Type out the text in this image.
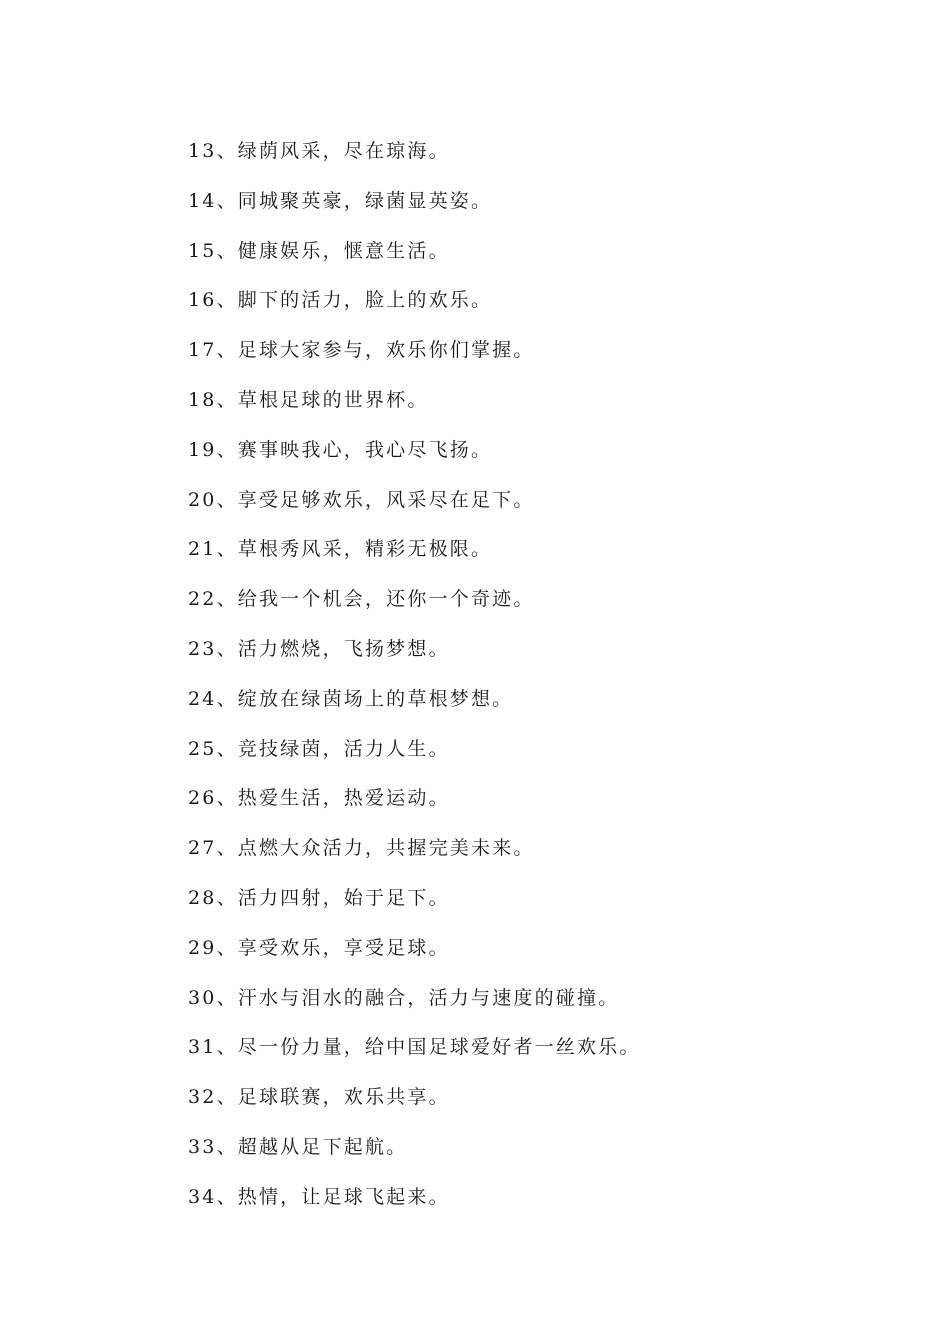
13、绿荫风采，尽在琼海。
14、同城聚英豪，绿菌显英姿。
15、健康娱乐，惬意生活。
16、脚下的活力，脸上的欢乐。
17、足球大家参与，欢乐你们掌握。
18、草根足球的世界杯。
19、赛事映我心，我心尽飞扬。
20、享受足够欢乐，风采尽在足下。
21、草根秀风采，精彩无极限。
22、给我一个机会，还你一个奇迹。
23、活力燃烧，飞扬梦想。
24、绽放在绿茵场上的草根梦想。
25、竞技绿茵，活力人生。
26、热爱生活，热爱运动。
27、点燃大众活力，共握完美未来。
28、活力四射，始于足下。
29、享受欢乐，享受足球。
30、汗水与泪水的融合，活力与速度的碰撞。
31、尽一份力量，给中国足球爱好者一丝欢乐。
32、足球联赛，欢乐共享。
33、超越从足下起航。
34、热情，让足球飞起来。
